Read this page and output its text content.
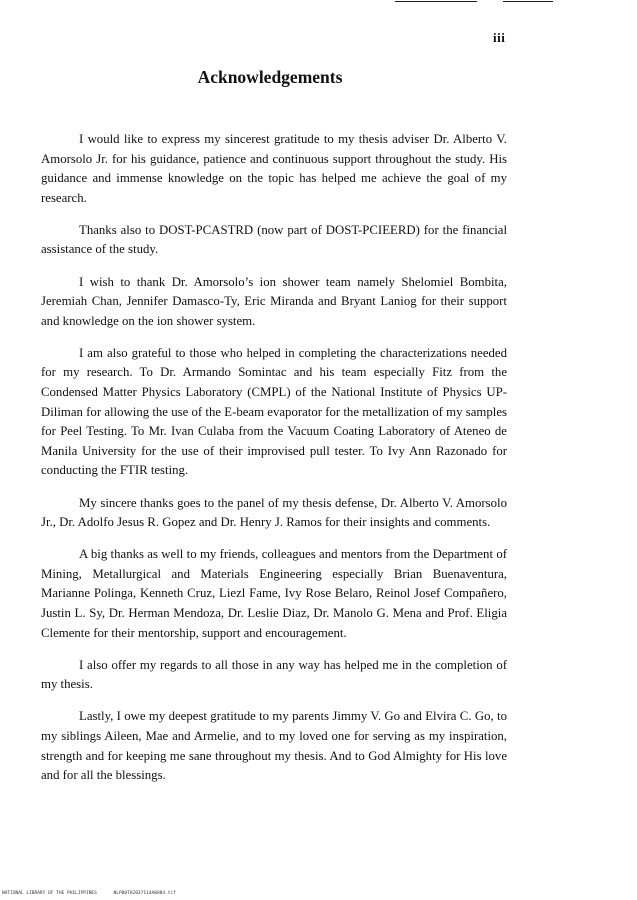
iii
Acknowledgements

I would like to express my sincerest gratitude to my thesis adviser Dr. Alberto V. Amorsolo Jr. for his guidance, patience and continuous support throughout the study. His guidance and immense knowledge on the topic has helped me achieve the goal of my research.

Thanks also to DOST-PCASTRD (now part of DOST-PCIEERD) for the financial assistance of the study.

I wish to thank Dr. Amorsolo’s ion shower team namely Shelomiel Bombita, Jeremiah Chan, Jennifer Damasco-Ty, Eric Miranda and Bryant Laniog for their support and knowledge on the ion shower system.

I am also grateful to those who helped in completing the characterizations needed for my research. To Dr. Armando Somintac and his team especially Fitz from the Condensed Matter Physics Laboratory (CMPL) of the National Institute of Physics UP-Diliman for allowing the use of the E-beam evaporator for the metallization of my samples for Peel Testing. To Mr. Ivan Culaba from the Vacuum Coating Laboratory of Ateneo de Manila University for the use of their improvised pull tester. To Ivy Ann Razonado for conducting the FTIR testing.

My sincere thanks goes to the panel of my thesis defense, Dr. Alberto V. Amorsolo Jr., Dr. Adolfo Jesus R. Gopez and Dr. Henry J. Ramos for their insights and comments.

A big thanks as well to my friends, colleagues and mentors from the Department of Mining, Metallurgical and Materials Engineering especially Brian Buenaventura, Marianne Polinga, Kenneth Cruz, Liezl Fame, Ivy Rose Belaro, Reinol Josef Compañero, Justin L. Sy, Dr. Herman Mendoza, Dr. Leslie Diaz, Dr. Manolo G. Mena and Prof. Eligia Clemente for their mentorship, support and encouragement.

I also offer my regards to all those in any way has helped me in the completion of my thesis.

Lastly, I owe my deepest gratitude to my parents Jimmy V. Go and Elvira C. Go, to my siblings Aileen, Mae and Armelie, and to my loved one for serving as my inspiration, strength and for keeping me sane throughout my thesis. And to God Almighty for His love and for all the blessings.

NATIONAL LIBRARY OF THE PHILIPPINES	NLP00TH2037114A8H84.tif
